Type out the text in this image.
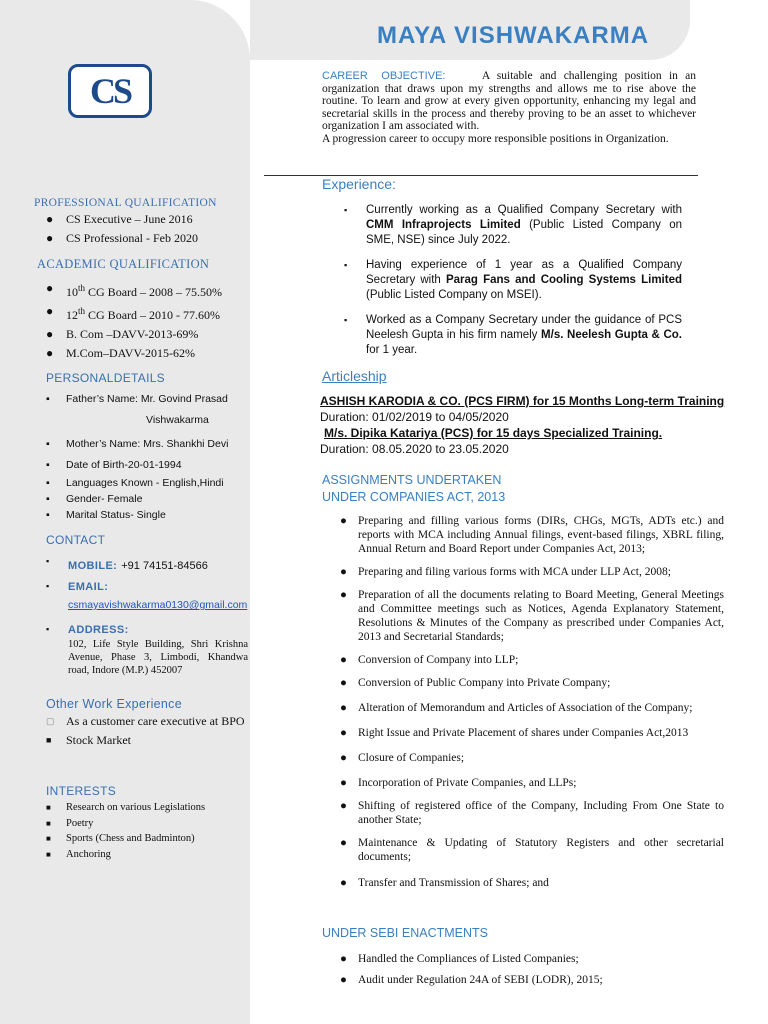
CS
MAYA VISHWAKARMA

CAREER OBJECTIVE:	A suitable and challenging position in an organization that draws upon my strengths and allows me to rise above the routine. To learn and grow at every given opportunity, enhancing my legal and secretarial skills in the process and thereby proving to be an asset to whichever organization I am associated with.

A progression career to occupy more responsible positions in Organization.

PROFESSIONAL QUALIFICATION
● CS Executive – June 2016
● CS Professional - Feb 2020
ACADEMIC QUALIFICATION
● 10th CG Board – 2008 – 75.50%
● 12th CG Board – 2010 - 77.60%
● B. Com –DAVV-2013-69%
● M.Com–DAVV-2015-62%
PERSONALDETAILS
▪ Father’s Name: Mr. Govind Prasad
Vishwakarma
▪ Mother’s Name: Mrs. Shankhi Devi
▪ Date of Birth-20-01-1994
▪ Languages Known - English,Hindi
▪ Gender- Female
▪ Marital Status- Single
CONTACT
▪ MOBILE: +91 74151-84566
▪ EMAIL:
csmayavishwakarma0130@gmail.com
▪ ADDRESS:
102, Life Style Building, Shri Krishna Avenue, Phase 3, Limbodi, Khandwa road, Indore (M.P.) 452007
Other Work Experience
▢ As a customer care executive at BPO
■ Stock Market
INTERESTS
■ Research on various Legislations
■ Poetry
■ Sports (Chess and Badminton)
■ Anchoring
Experience:
▪ Currently working as a Qualified Company Secretary with CMM Infraprojects Limited (Public Listed Company on SME, NSE) since July 2022.
▪ Having experience of 1 year as a Qualified Company Secretary with Parag Fans and Cooling Systems Limited (Public Listed Company on MSEI).
▪ Worked as a Company Secretary under the guidance of PCS Neelesh Gupta in his firm namely M/s. Neelesh Gupta & Co. for 1 year.
Articleship
ASHISH KARODIA & CO. (PCS FIRM) for 15 Months Long-term Training
Duration: 01/02/2019 to 04/05/2020
M/s. Dipika Katariya (PCS) for 15 days Specialized Training.
Duration: 08.05.2020 to 23.05.2020
ASSIGNMENTS UNDERTAKEN
UNDER COMPANIES ACT, 2013
● Preparing and filling various forms (DIRs, CHGs, MGTs, ADTs etc.) and reports with MCA including Annual filings, event-based filings, XBRL filing, Annual Return and Board Report under Companies Act, 2013;
● Preparing and filing various forms with MCA under LLP Act, 2008;
● Preparation of all the documents relating to Board Meeting, General Meetings and Committee meetings such as Notices, Agenda Explanatory Statement, Resolutions & Minutes of the Company as prescribed under Companies Act, 2013 and Secretarial Standards;
● Conversion of Company into LLP;
● Conversion of Public Company into Private Company;
● Alteration of Memorandum and Articles of Association of the Company;
● Right Issue and Private Placement of shares under Companies Act,2013
● Closure of Companies;
● Incorporation of Private Companies, and LLPs;
● Shifting of registered office of the Company, Including From One State to another State;
● Maintenance & Updating of Statutory Registers and other secretarial documents;
● Transfer and Transmission of Shares; and
UNDER SEBI ENACTMENTS
● Handled the Compliances of Listed Companies;
● Audit under Regulation 24A of SEBI (LODR), 2015;
